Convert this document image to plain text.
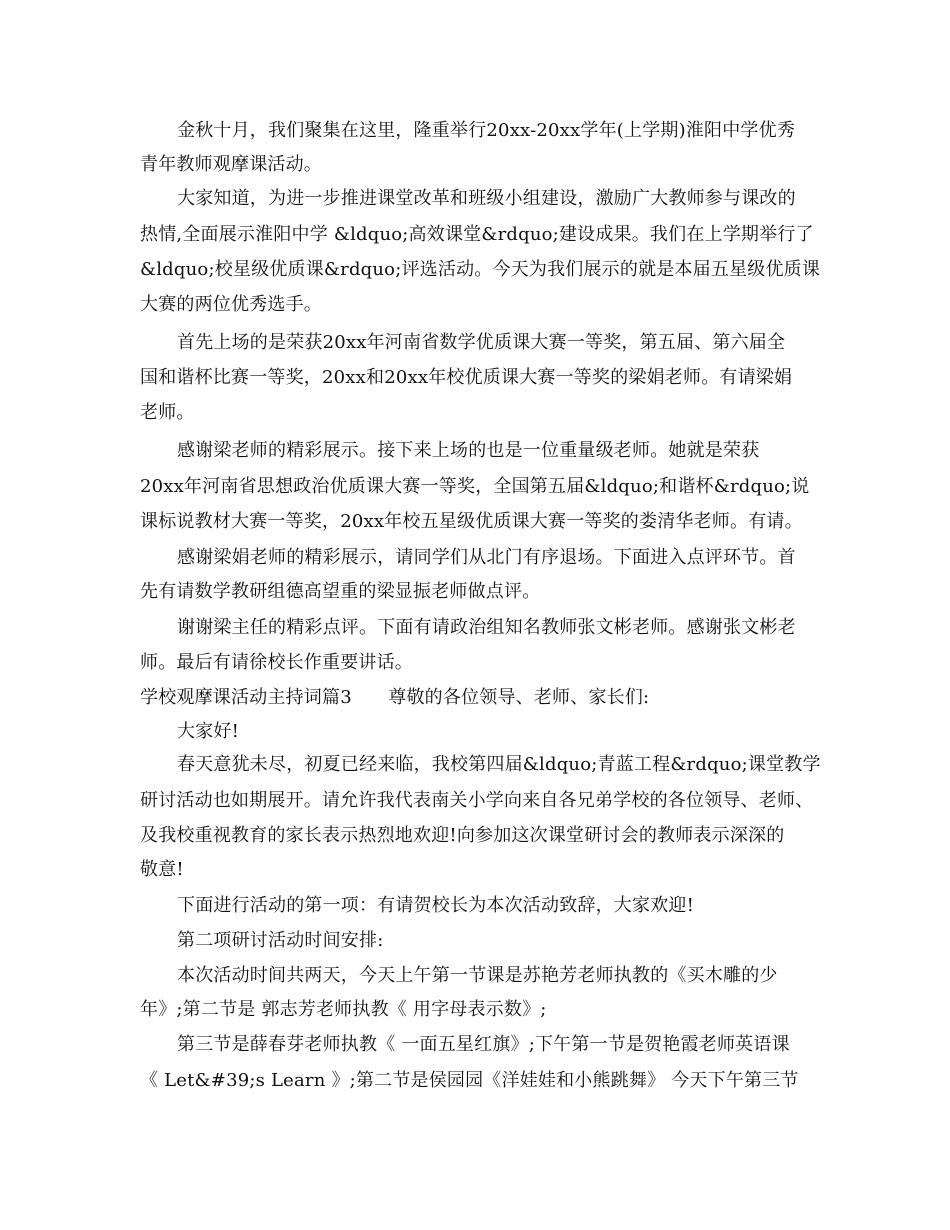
金秋十月，我们聚集在这里，隆重举行20xx-20xx学年(上学期)淮阳中学优秀
青年教师观摩课活动。
大家知道，为进一步推进课堂改革和班级小组建设，激励广大教师参与课改的
热情,全面展示淮阳中学 &ldquo;高效课堂&rdquo;建设成果。我们在上学期举行了
&ldquo;校星级优质课&rdquo;评选活动。今天为我们展示的就是本届五星级优质课
大赛的两位优秀选手。
首先上场的是荣获20xx年河南省数学优质课大赛一等奖，第五届、第六届全
国和谐杯比赛一等奖，20xx和20xx年校优质课大赛一等奖的梁娟老师。有请梁娟
老师。
感谢梁老师的精彩展示。接下来上场的也是一位重量级老师。她就是荣获
20xx年河南省思想政治优质课大赛一等奖，全国第五届&ldquo;和谐杯&rdquo;说
课标说教材大赛一等奖，20xx年校五星级优质课大赛一等奖的娄清华老师。有请。
感谢梁娟老师的精彩展示，请同学们从北门有序退场。下面进入点评环节。首
先有请数学教研组德高望重的梁显振老师做点评。
谢谢梁主任的精彩点评。下面有请政治组知名教师张文彬老师。感谢张文彬老
师。最后有请徐校长作重要讲话。
学校观摩课活动主持词篇3　　尊敬的各位领导、老师、家长们:
大家好!
春天意犹未尽，初夏已经来临，我校第四届&ldquo;青蓝工程&rdquo;课堂教学
研讨活动也如期展开。请允许我代表南关小学向来自各兄弟学校的各位领导、老师、
及我校重视教育的家长表示热烈地欢迎!向参加这次课堂研讨会的教师表示深深的
敬意!
下面进行活动的第一项：有请贺校长为本次活动致辞，大家欢迎!
第二项研讨活动时间安排:
本次活动时间共两天，今天上午第一节课是苏艳芳老师执教的《买木雕的少
年》;第二节是 郭志芳老师执教《 用字母表示数》;
第三节是薛春芽老师执教《 一面五星红旗》;下午第一节是贺艳霞老师英语课
《 Let&#39;s Learn 》;第二节是侯园园《洋娃娃和小熊跳舞》 今天下午第三节
